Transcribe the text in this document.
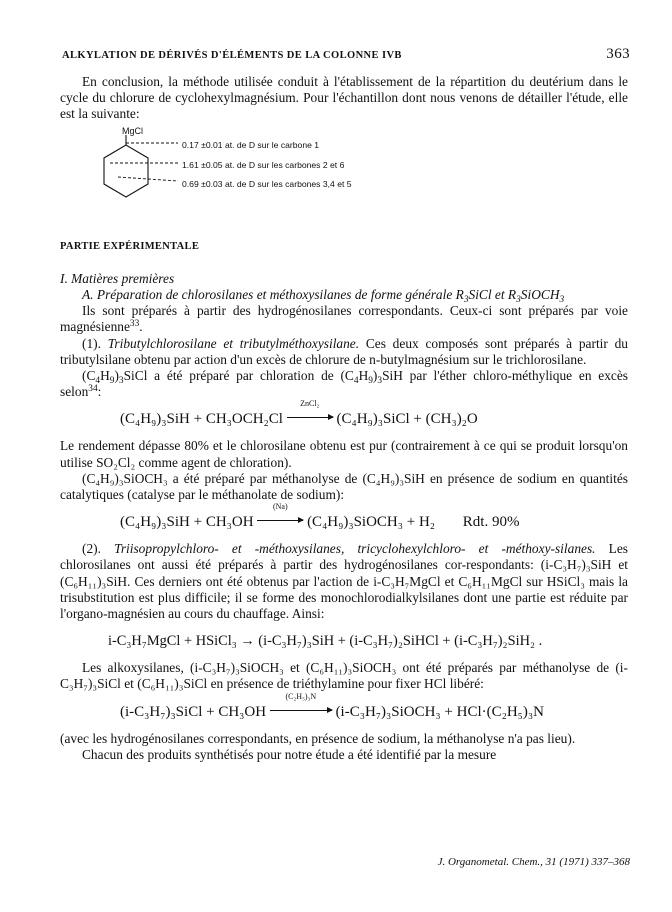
ALKYLATION DE DÉRIVÉS D'ÉLÉMENTS DE LA COLONNE IVB	363

En conclusion, la méthode utilisée conduit à l'établissement de la répartition du deutérium dans le cycle du chlorure de cyclohexylmagnésium. Pour l'échantillon dont nous venons de détailler l'étude, elle est la suivante:

MgCl
0.17 ±0.01 at. de D sur le carbone 1
1.61 ±0.05 at. de D sur les carbones 2 et 6
0.69 ±0.03 at. de D sur les carbones 3,4 et 5

PARTIE EXPÉRIMENTALE

I. Matières premières

A. Préparation de chlorosilanes et méthoxysilanes de forme générale $R_3SiCl$ et $R_3SiOCH_3$

Ils sont préparés à partir des hydrogénosilanes correspondants. Ceux-ci sont préparés par voie magnésienne$^{33}$.

(1). Tributylchlorosilane et tributylméthoxysilane. Ces deux composés sont préparés à partir du tributylsilane obtenu par action d'un excès de chlorure de n-butylmagnésium sur le trichlorosilane.

$(C_4H_9)_3SiCl$ a été préparé par chloration de $(C_4H_9)_3SiH$ par l'éther chloro-méthylique en excès selon$^{34}$:

(C₄H₉)₃SiH + CH₃OCH₂Cl
ZnCl₂
(C₄H₉)₃SiCl + (CH₃)₂O

Le rendement dépasse 80% et le chlorosilane obtenu est pur (contrairement à ce qui se produit lorsqu'on utilise SO₂Cl₂ comme agent de chloration).

(C₄H₉)₃SiOCH₃ a été préparé par méthanolyse de (C₄H₉)₃SiH en présence de sodium en quantités catalytiques (catalyse par le méthanolate de sodium):

(C₄H₉)₃SiH + CH₃OH
(Na)
(C₄H₉)₃SiOCH₃ + H₂ Rdt. 90%

(2). Triisopropylchloro- et -méthoxysilanes, tricyclohexylchloro- et -méthoxy-silanes. Les chlorosilanes ont aussi été préparés à partir des hydrogénosilanes cor-respondants: (i-C₃H₇)₃SiH et (C₆H₁₁)₃SiH. Ces derniers ont été obtenus par l'action de i-C₃H₇MgCl et C₆H₁₁MgCl sur HSiCl₃ mais la trisubstitution est plus difficile; il se forme des monochlorodialkylsilanes dont une partie est réduite par l'organo-magnésien au cours du chauffage. Ainsi:

i-C₃H₇MgCl + HSiCl₃ → (i-C₃H₇)₃SiH + (i-C₃H₇)₂SiHCl + (i-C₃H₇)₂SiH₂ .

Les alkoxysilanes, (i-C₃H₇)₃SiOCH₃ et (C₆H₁₁)₃SiOCH₃ ont été préparés par méthanolyse de (i-C₃H₇)₃SiCl et (C₆H₁₁)₃SiCl en présence de triéthylamine pour fixer HCl libéré:

(i-C₃H₇)₃SiCl + CH₃OH
(C₂H₅)₃N
(i-C₃H₇)₃SiOCH₃ + HCl·(C₂H₅)₃N

(avec les hydrogénosilanes correspondants, en présence de sodium, la méthanolyse n'a pas lieu).

Chacun des produits synthétisés pour notre étude a été identifié par la mesure

J. Organometal. Chem., 31 (1971) 337–368
